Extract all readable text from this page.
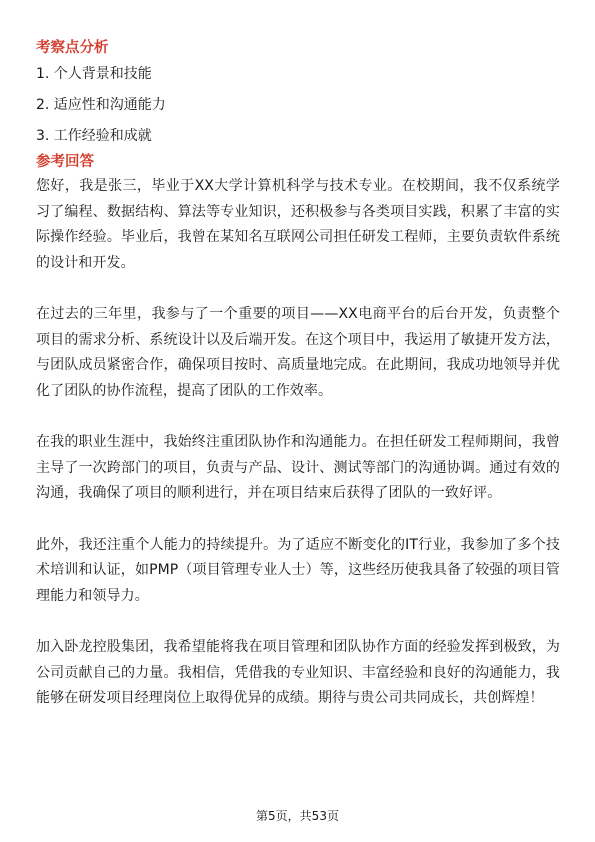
考察点分析
1. 个人背景和技能
2. 适应性和沟通能力
3. 工作经验和成就
参考回答

您好，我是张三，毕业于XX大学计算机科学与技术专业。在校期间，我不仅系统学习了编程、数据结构、算法等专业知识，还积极参与各类项目实践，积累了丰富的实际操作经验。毕业后，我曾在某知名互联网公司担任研发工程师，主要负责软件系统的设计和开发。

在过去的三年里，我参与了一个重要的项目——XX电商平台的后台开发，负责整个项目的需求分析、系统设计以及后端开发。在这个项目中，我运用了敏捷开发方法，与团队成员紧密合作，确保项目按时、高质量地完成。在此期间，我成功地领导并优化了团队的协作流程，提高了团队的工作效率。

在我的职业生涯中，我始终注重团队协作和沟通能力。在担任研发工程师期间，我曾主导了一次跨部门的项目，负责与产品、设计、测试等部门的沟通协调。通过有效的沟通，我确保了项目的顺利进行，并在项目结束后获得了团队的一致好评。

此外，我还注重个人能力的持续提升。为了适应不断变化的IT行业，我参加了多个技术培训和认证，如PMP（项目管理专业人士）等，这些经历使我具备了较强的项目管理能力和领导力。

加入卧龙控股集团，我希望能将我在项目管理和团队协作方面的经验发挥到极致，为公司贡献自己的力量。我相信，凭借我的专业知识、丰富经验和良好的沟通能力，我能够在研发项目经理岗位上取得优异的成绩。期待与贵公司共同成长，共创辉煌！

第5页，共53页
